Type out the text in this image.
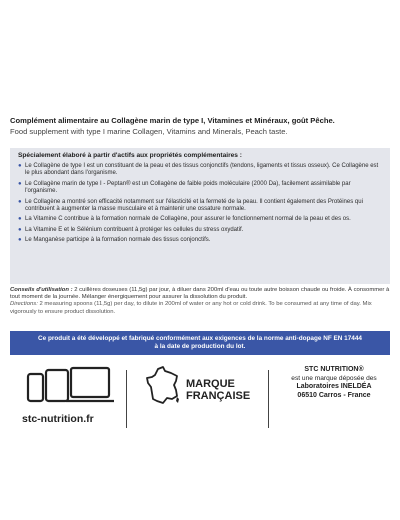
Complément alimentaire au Collagène marin de type I, Vitamines et Minéraux, goût Pêche.
Food supplement with type I marine Collagen, Vitamins and Minerals, Peach taste.
Spécialement élaboré à partir d'actifs aux propriétés complémentaires :
● Le Collagène de type I est un constituant de la peau et des tissus conjonctifs (tendons, ligaments et tissus osseux). Ce Collagène est le plus abondant dans l'organisme.
● Le Collagène marin de type I - Peptan® est un Collagène de faible poids moléculaire (2000 Da), facilement assimilable par l'organisme.
● Le Collagène a montré son efficacité notamment sur l'élasticité et la fermeté de la peau. Il contient également des Protéines qui contribuent à augmenter la masse musculaire et à maintenir une ossature normale.
● La Vitamine C contribue à la formation normale de Collagène, pour assurer le fonctionnement normal de la peau et des os.
● La Vitamine E et le Sélénium contribuent à protéger les cellules du stress oxydatif.
● Le Manganèse participe à la formation normale des tissus conjonctifs.

Conseils d'utilisation : 2 cuillères doseuses (11,5g) par jour, à diluer dans 200ml d'eau ou toute autre boisson chaude ou froide. À consommer à tout moment de la journée. Mélanger énergiquement pour assurer la dissolution du produit.

Directions: 2 measuring spoons (11,5g) per day, to dilute in 200ml of water or any hot or cold drink. To be consumed at any time of day. Mix vigorously to ensure product dissolution.

Ce produit a été développé et fabriqué conformément aux exigences de la norme anti-dopage NF EN 17444
à la date de production du lot.
stc-nutrition.fr
MARQUE
FRANÇAISE
STC NUTRITION®
est une marque déposée des
Laboratoires INELDÉA
06510 Carros - France
